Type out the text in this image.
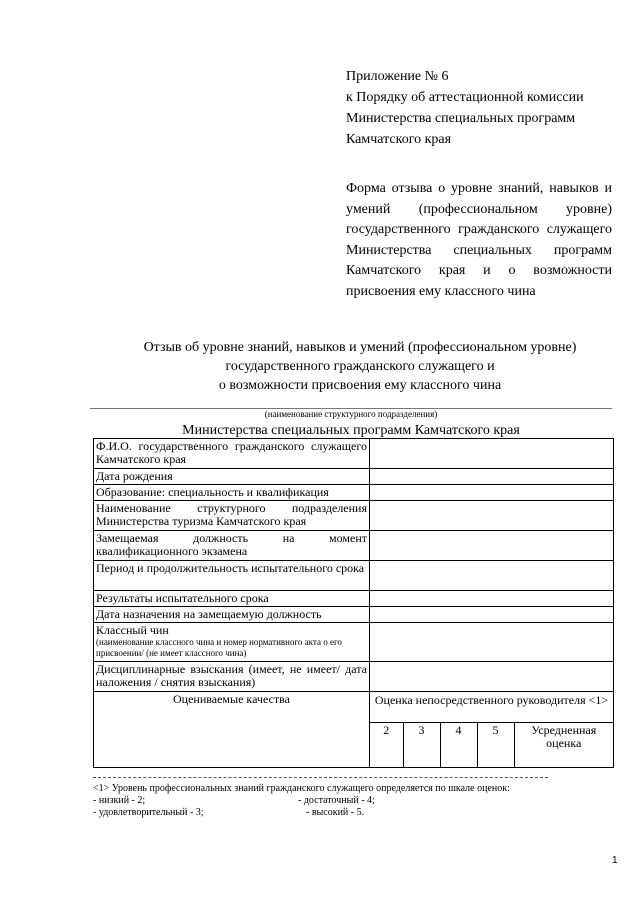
Приложение № 6
к Порядку об аттестационной комиссии
Министерства специальных программ
Камчатского края
Форма отзыва о уровне знаний, навыков и умений (профессиональном уровне) государственного гражданского служащего Министерства специальных программ Камчатского края и о возможности присвоения ему классного чина
Отзыв об уровне знаний, навыков и умений (профессиональном уровне)
государственного гражданского служащего и
о возможности присвоения ему классного чина
(наименование структурного подразделения)
Министерства специальных программ Камчатского края
Ф.И.О. государственного гражданского служащего Камчатского края	
Дата рождения	
Образование: специальность и квалификация	
Наименование структурного подразделения Министерства туризма Камчатского края	
Замещаемая должность на момент квалификационного экзамена	
Период и продолжительность испытательного срока	
Результаты испытательного срока	
Дата назначения на замещаемую должность	

Классный чин
(наименование классного чина и номер нормативного акта о его присвоении/ (не имеет классного чина)

Дисциплинарные взыскания (имеет, не имеет/ дата наложения / снятия взыскания)	
Оцениваемые качества	Оценка непосредственного руководителя <1>
2	3	4	5	Усредненная оценка
<1> Уровень профессиональных знаний гражданского служащего определяется по шкале оценок:
- низкий - 2;	- достаточный - 4;
- удовлетворительный - 3;	- высокий - 5.
1
